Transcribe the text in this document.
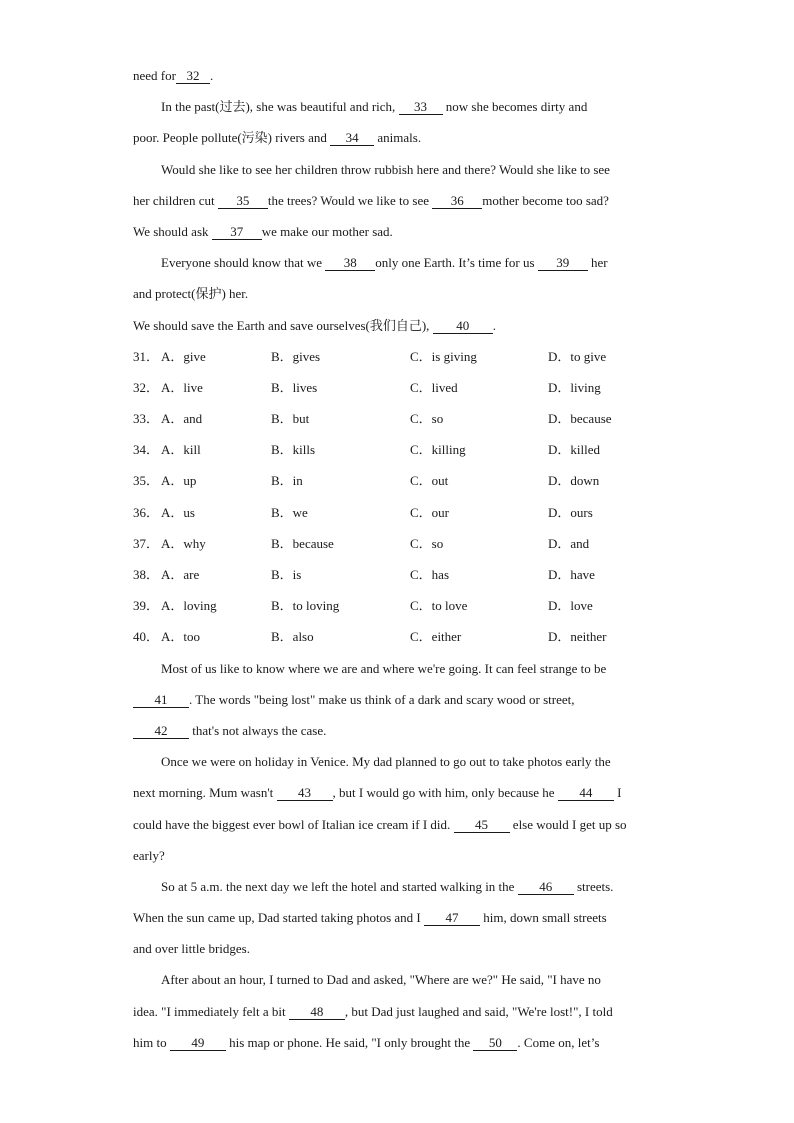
need for 32 .
In the past(过去), she was beautiful and rich, 33 now she becomes dirty and
poor. People pollute(污染) rivers and 34 animals.
Would she like to see her children throw rubbish here and there? Would she like to see
her children cut 35 the trees? Would we like to see 36 mother become too sad?
We should ask 37 we make our mother sad.
Everyone should know that we 38 only one Earth. It’s time for us 39 her
and protect(保护) her.
We should save the Earth and save ourselves(我们自己), 40 .
31． A．give	B．gives	C．is giving	D．to give
32． A．live	B．lives	C．lived	D．living
33． A．and	B．but	C．so	D．because
34． A．kill	B．kills	C．killing	D．killed
35． A．up	B．in	C．out	D．down
36． A．us	B．we	C．our	D．ours
37． A．why	B．because	C．so	D．and
38． A．are	B．is	C．has	D．have
39． A．loving	B．to loving	C．to love	D．love
40． A．too	B．also	C．either	D．neither
Most of us like to know where we are and where we're going. It can feel strange to be
41 . The words "being lost" make us think of a dark and scary wood or street,
42 that's not always the case.
Once we were on holiday in Venice. My dad planned to go out to take photos early the
next morning. Mum wasn't 43 , but I would go with him, only because he 44 I
could have the biggest ever bowl of Italian ice cream if I did. 45 else would I get up so
early?
So at 5 a.m. the next day we left the hotel and started walking in the 46 streets.
When the sun came up, Dad started taking photos and I 47 him, down small streets
and over little bridges.
After about an hour, I turned to Dad and asked, "Where are we?" He said, "I have no
idea. "I immediately felt a bit 48 , but Dad just laughed and said, "We're lost!", I told
him to 49 his map or phone. He said, "I only brought the 50 . Come on, let’s
